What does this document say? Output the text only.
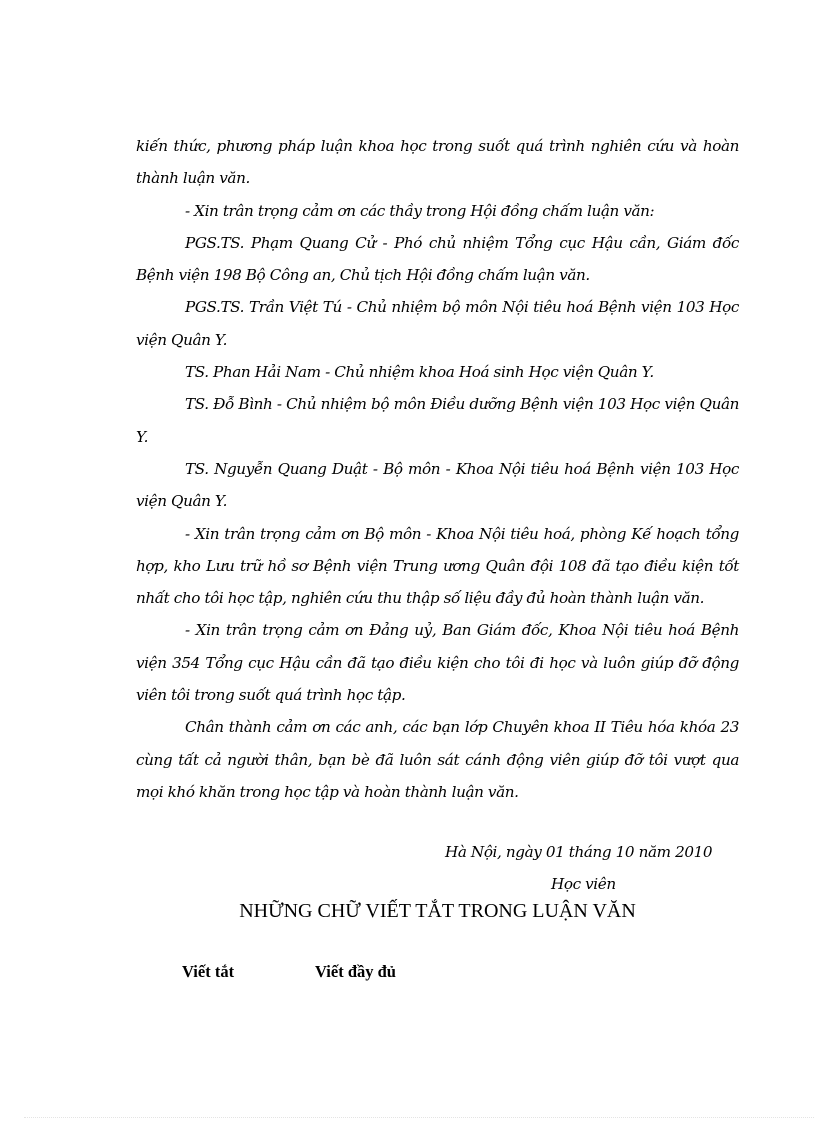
kiến thức, phương pháp luận khoa học trong suốt quá trình nghiên cứu và hoàn thành luận văn.

- Xin trân trọng cảm ơn các thầy trong Hội đồng chấm luận văn:

PGS.TS. Phạm Quang Cử - Phó chủ nhiệm Tổng cục Hậu cần, Giám đốc Bệnh viện 198 Bộ Công an, Chủ tịch Hội đồng chấm luận văn.

PGS.TS. Trần Việt Tú - Chủ nhiệm bộ môn Nội tiêu hoá Bệnh viện 103 Học viện Quân Y.

TS. Phan Hải Nam - Chủ nhiệm khoa Hoá sinh Học viện Quân Y.

TS. Đỗ Bình - Chủ nhiệm bộ môn Điều dưỡng Bệnh viện 103 Học viện Quân Y.

TS. Nguyễn Quang Duật - Bộ môn - Khoa Nội tiêu hoá Bệnh viện 103 Học viện Quân Y.

- Xin trân trọng cảm ơn Bộ môn - Khoa Nội tiêu hoá, phòng Kế hoạch tổng hợp, kho Lưu trữ hồ sơ Bệnh viện Trung ương Quân đội 108 đã tạo điều kiện tốt nhất cho tôi học tập, nghiên cứu thu thập số liệu đầy đủ hoàn thành luận văn.

- Xin trân trọng cảm ơn Đảng uỷ, Ban Giám đốc, Khoa Nội tiêu hoá Bệnh viện 354 Tổng cục Hậu cần đã tạo điều kiện cho tôi đi học và luôn giúp đỡ động viên tôi trong suốt quá trình học tập.

Chân thành cảm ơn các anh, các bạn lớp Chuyên khoa II Tiêu hóa khóa 23 cùng tất cả người thân, bạn bè đã luôn sát cánh động viên giúp đỡ tôi vượt qua mọi khó khăn trong học tập và hoàn thành luận văn.

Hà Nội, ngày 01 tháng 10 năm 2010
Học viên
NHỮNG CHỮ VIẾT TẮT TRONG LUẬN VĂN
Viết tắt	Viết đầy đủ
